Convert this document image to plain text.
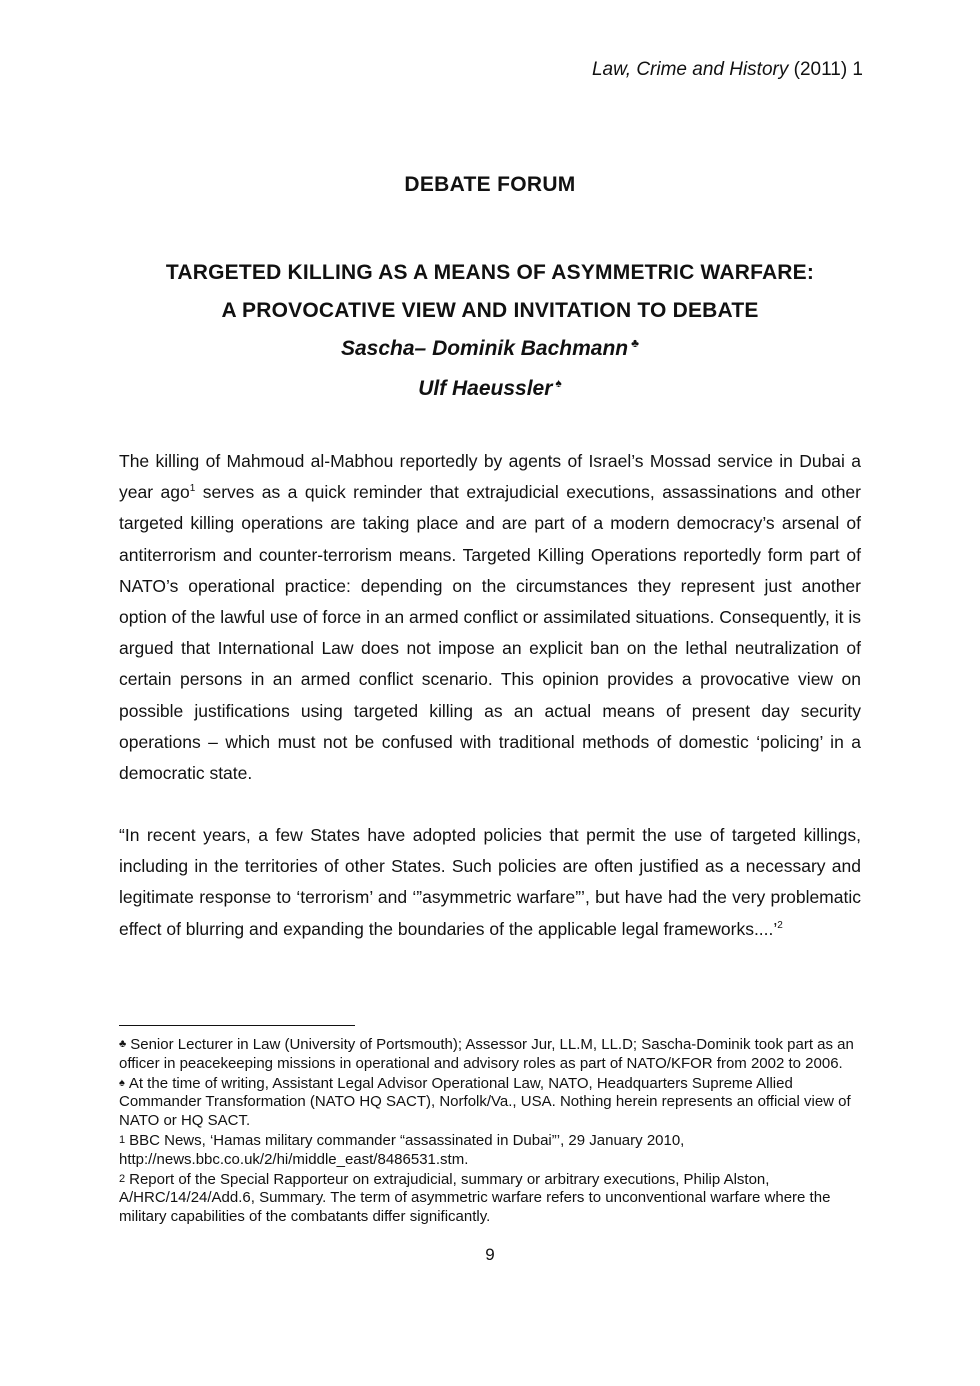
Law, Crime and History (2011) 1
DEBATE FORUM
TARGETED KILLING AS A MEANS OF ASYMMETRIC WARFARE:
A PROVOCATIVE VIEW AND INVITATION TO DEBATE
Sascha– Dominik Bachmann ♣
Ulf Haeussler ♠
The killing of Mahmoud al-Mabhou reportedly by agents of Israel’s Mossad service in Dubai a year ago$^1$ serves as a quick reminder that extrajudicial executions, assassinations and other targeted killing operations are taking place and are part of a modern democracy’s arsenal of antiterrorism and counter-terrorism means. Targeted Killing Operations reportedly form part of NATO’s operational practice: depending on the circumstances they represent just another option of the lawful use of force in an armed conflict or assimilated situations. Consequently, it is argued that International Law does not impose an explicit ban on the lethal neutralization of certain persons in an armed conflict scenario. This opinion provides a provocative view on possible justifications using targeted killing as an actual means of present day security operations – which must not be confused with traditional methods of domestic ‘policing’ in a democratic state.
“In recent years, a few States have adopted policies that permit the use of targeted killings, including in the territories of other States. Such policies are often justified as a necessary and legitimate response to ‘terrorism’ and ‘”asymmetric warfare”’, but have had the very problematic effect of blurring and expanding the boundaries of the applicable legal frameworks....’$^2$

♣ Senior Lecturer in Law (University of Portsmouth); Assessor Jur, LL.M, LL.D; Sascha-Dominik took part as an officer in peacekeeping missions in operational and advisory roles as part of NATO/KFOR from 2002 to 2006.

♠ At the time of writing, Assistant Legal Advisor Operational Law, NATO, Headquarters Supreme Allied Commander Transformation (NATO HQ SACT), Norfolk/Va., USA. Nothing herein represents an official view of NATO or HQ SACT.

1 BBC News, ‘Hamas military commander “assassinated in Dubai”’, 29 January 2010, http://news.bbc.co.uk/2/hi/middle_east/8486531.stm.

2 Report of the Special Rapporteur on extrajudicial, summary or arbitrary executions, Philip Alston, A/HRC/14/24/Add.6, Summary. The term of asymmetric warfare refers to unconventional warfare where the military capabilities of the combatants differ significantly.

9
